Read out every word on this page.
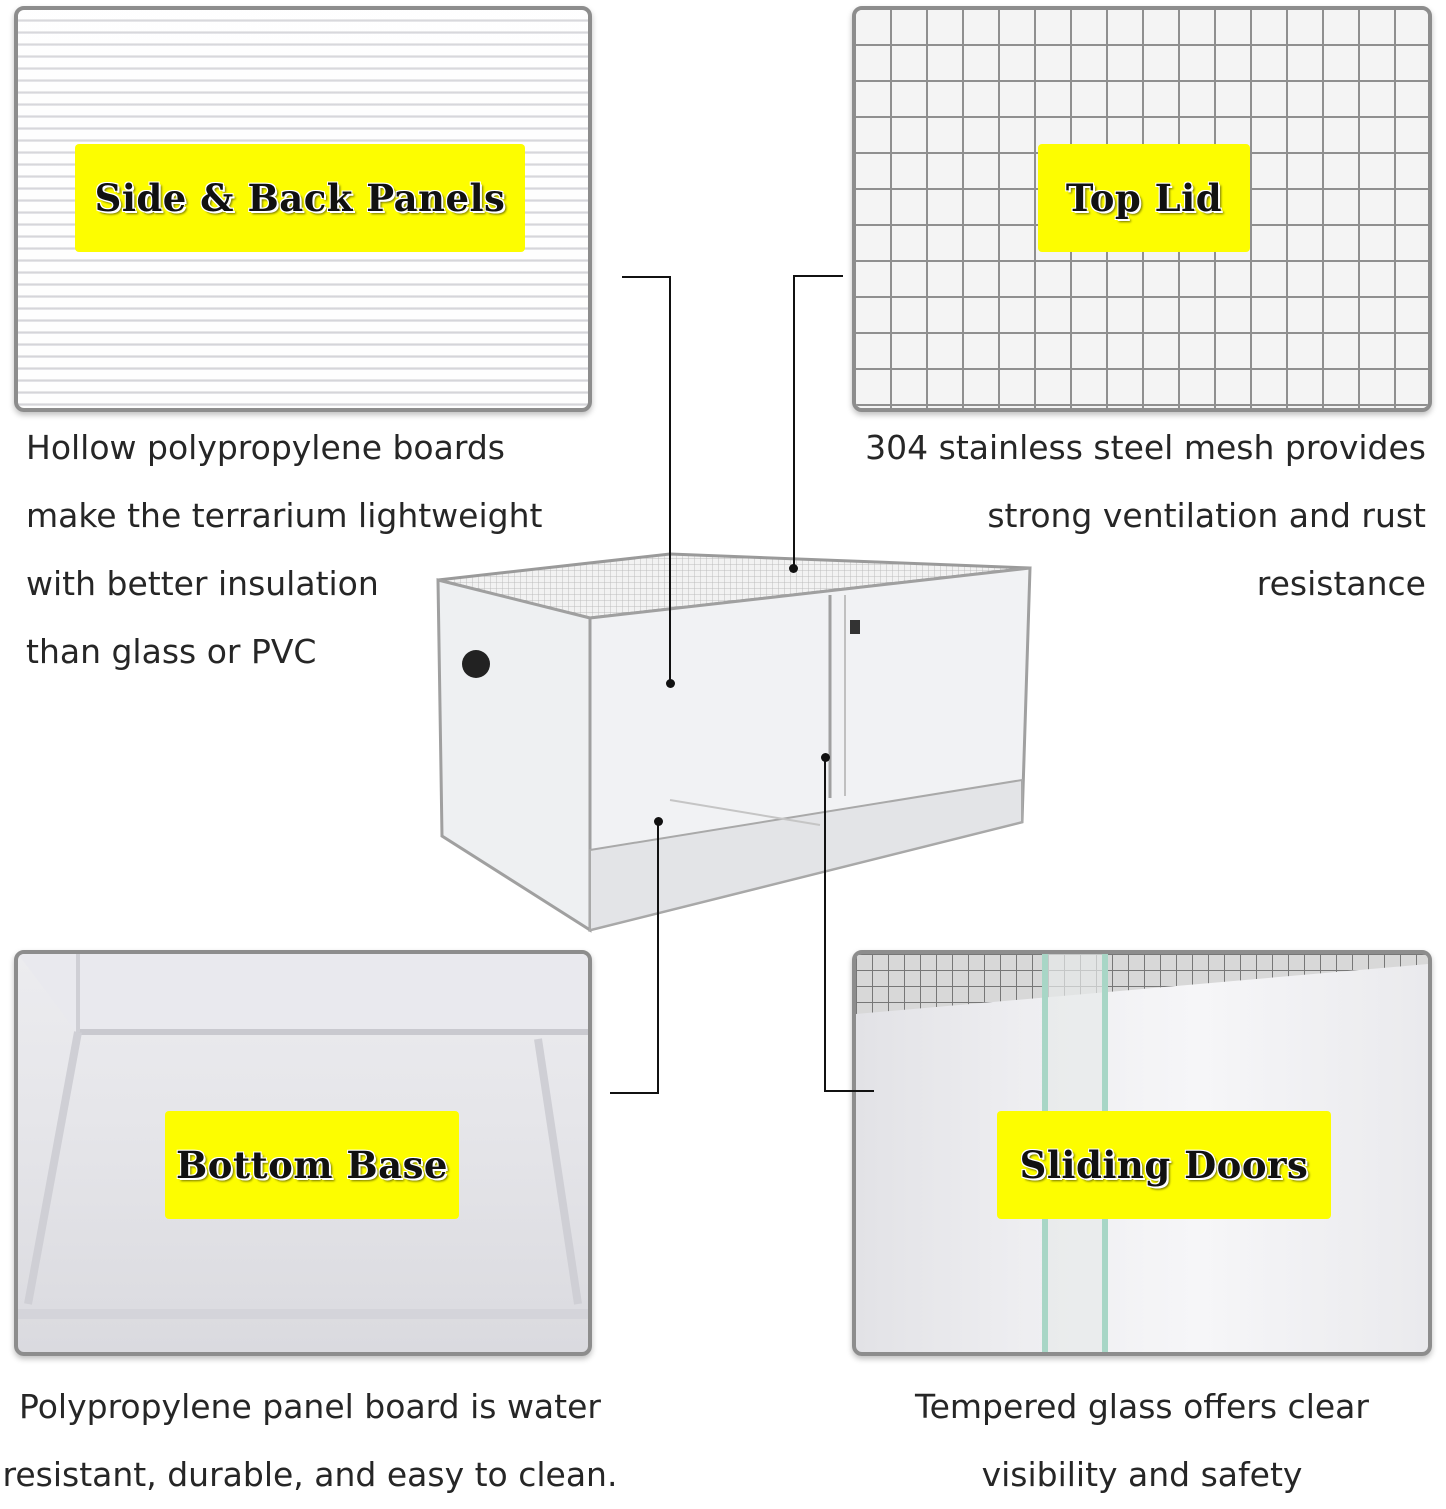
Side & Back Panels
Hollow polypropylene boards
make the terrarium lightweight
with better insulation
than glass or PVC
Top Lid
304 stainless steel mesh provides
strong ventilation and rust
resistance
Bottom Base
Polypropylene panel board is water
resistant, durable, and easy to clean.
Sliding Doors
Tempered glass offers clear
visibility and safety
